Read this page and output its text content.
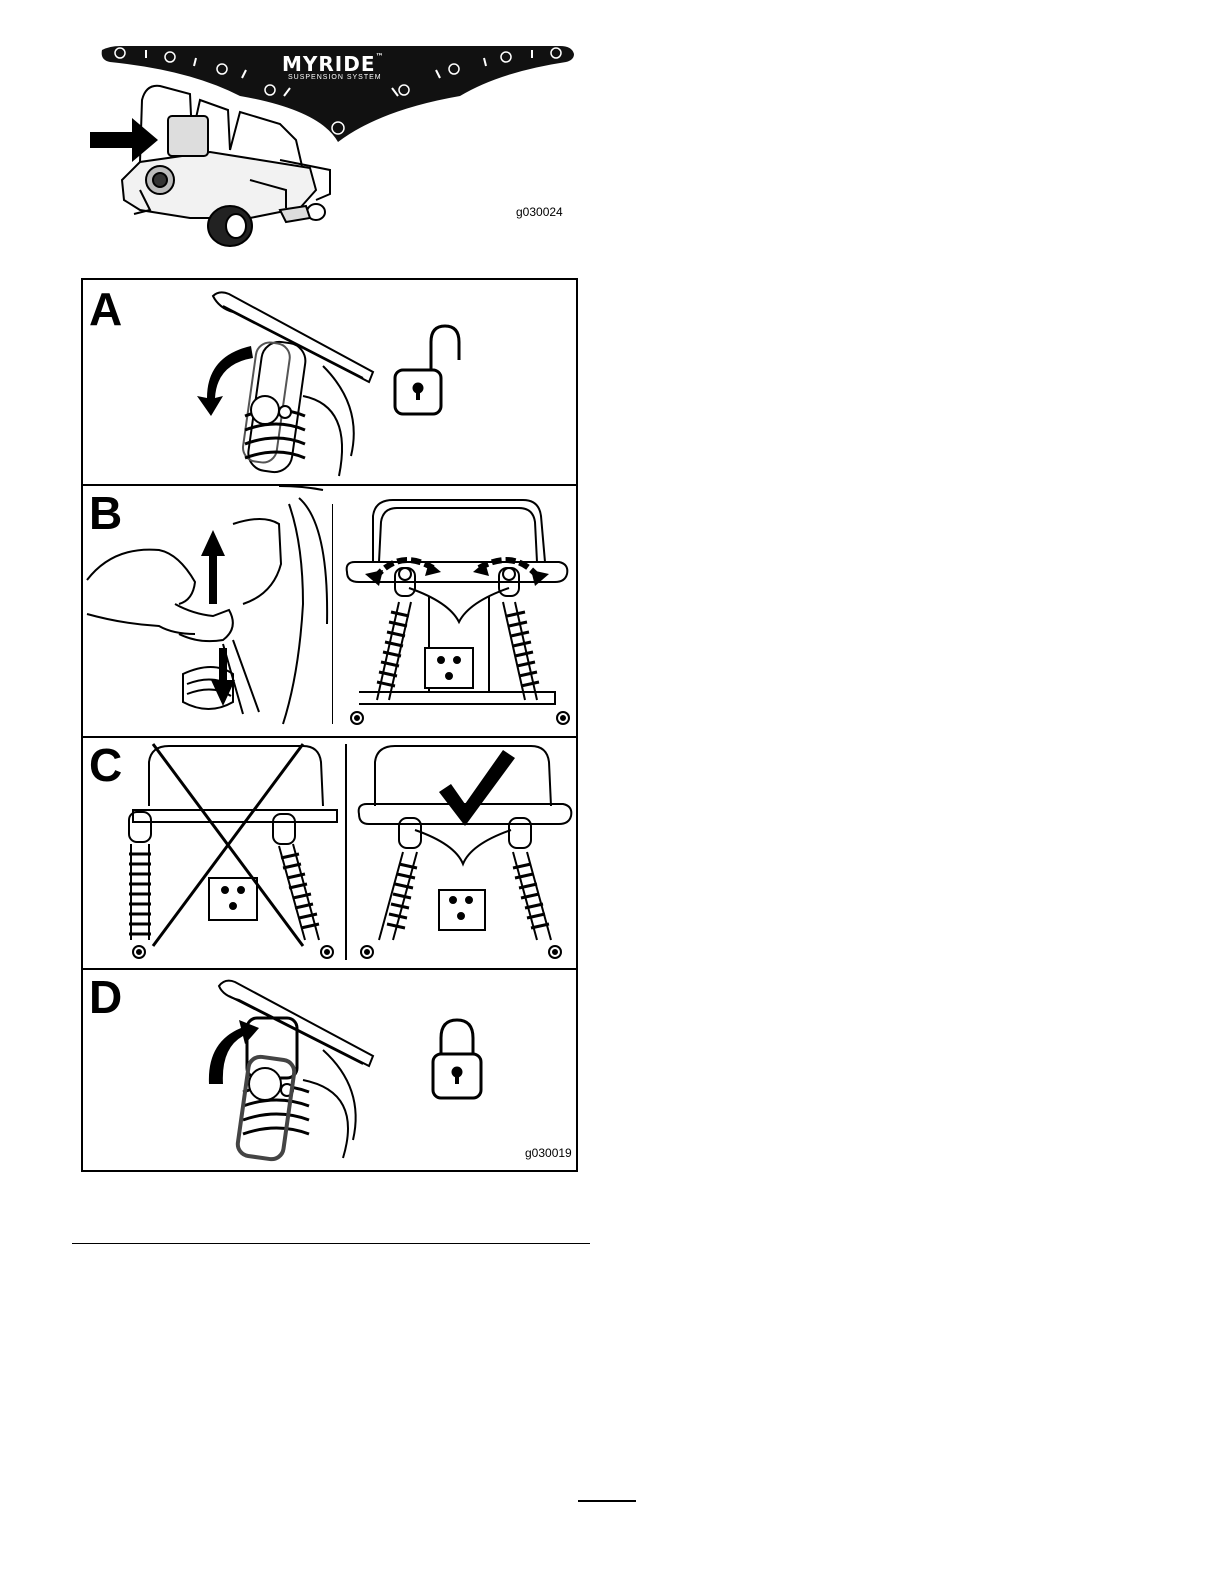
MYRIDE™
SUSPENSION SYSTEM
g030024
A
B
C
D
g030019
